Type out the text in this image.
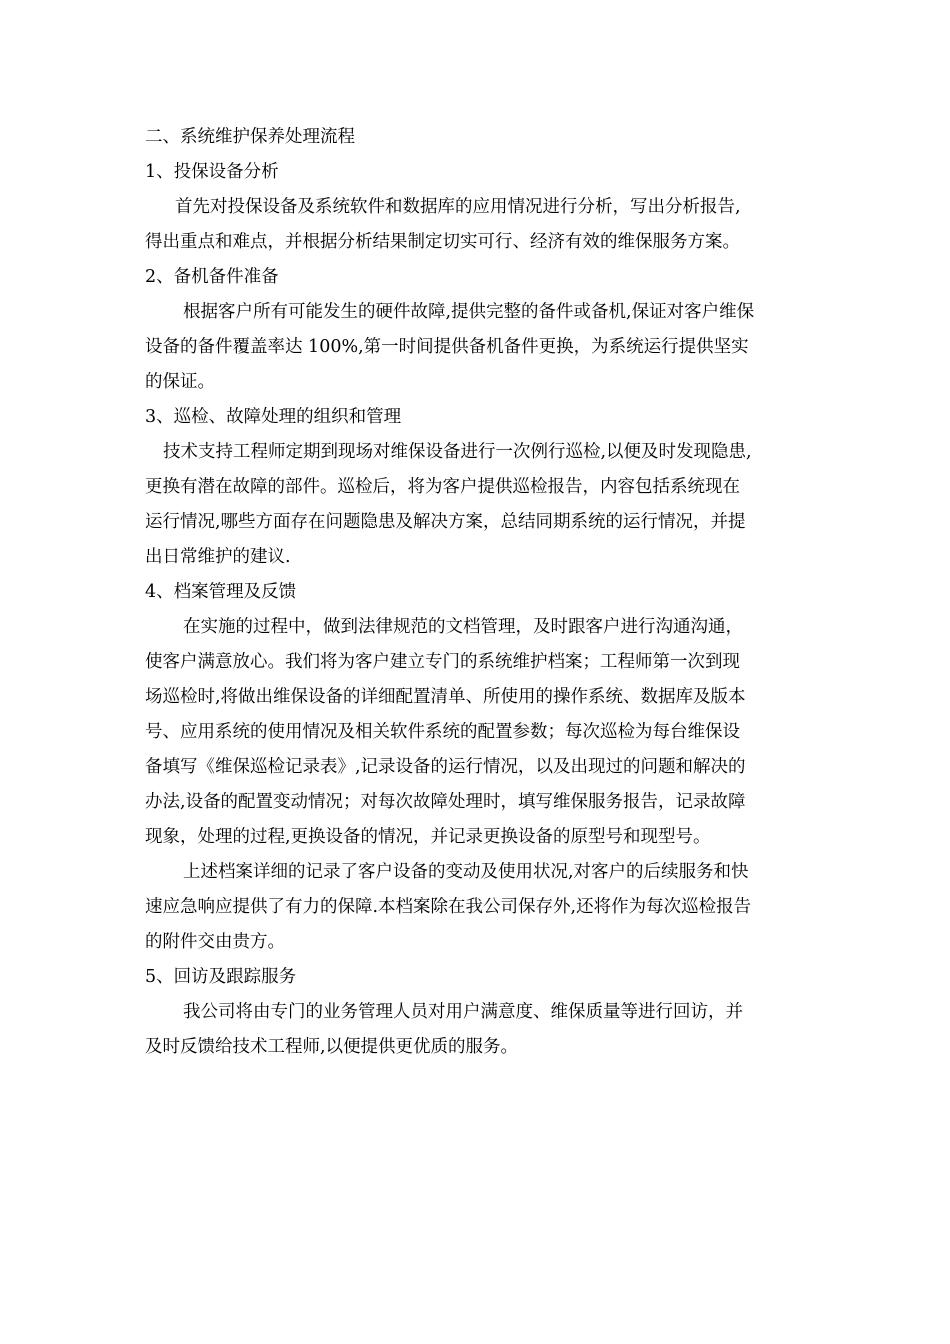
二、系统维护保养处理流程
1、投保设备分析
首先对投保设备及系统软件和数据库的应用情况进行分析，写出分析报告,
得出重点和难点，并根据分析结果制定切实可行、经济有效的维保服务方案。
2、备机备件准备
根据客户所有可能发生的硬件故障,提供完整的备件或备机,保证对客户维保
设备的备件覆盖率达 100%,第一时间提供备机备件更换，为系统运行提供坚实
的保证。
3、巡检、故障处理的组织和管理
技术支持工程师定期到现场对维保设备进行一次例行巡检,以便及时发现隐患,
更换有潜在故障的部件。巡检后，将为客户提供巡检报告，内容包括系统现在
运行情况,哪些方面存在问题隐患及解决方案，总结同期系统的运行情况，并提
出日常维护的建议.
4、档案管理及反馈
在实施的过程中，做到法律规范的文档管理，及时跟客户进行沟通沟通，
使客户满意放心。我们将为客户建立专门的系统维护档案；工程师第一次到现
场巡检时,将做出维保设备的详细配置清单、所使用的操作系统、数据库及版本
号、应用系统的使用情况及相关软件系统的配置参数；每次巡检为每台维保设
备填写《维保巡检记录表》,记录设备的运行情况，以及出现过的问题和解决的
办法,设备的配置变动情况；对每次故障处理时，填写维保服务报告，记录故障
现象，处理的过程,更换设备的情况，并记录更换设备的原型号和现型号。
上述档案详细的记录了客户设备的变动及使用状况,对客户的后续服务和快
速应急响应提供了有力的保障.本档案除在我公司保存外,还将作为每次巡检报告
的附件交由贵方。
5、回访及跟踪服务
我公司将由专门的业务管理人员对用户满意度、维保质量等进行回访，并
及时反馈给技术工程师,以便提供更优质的服务。
